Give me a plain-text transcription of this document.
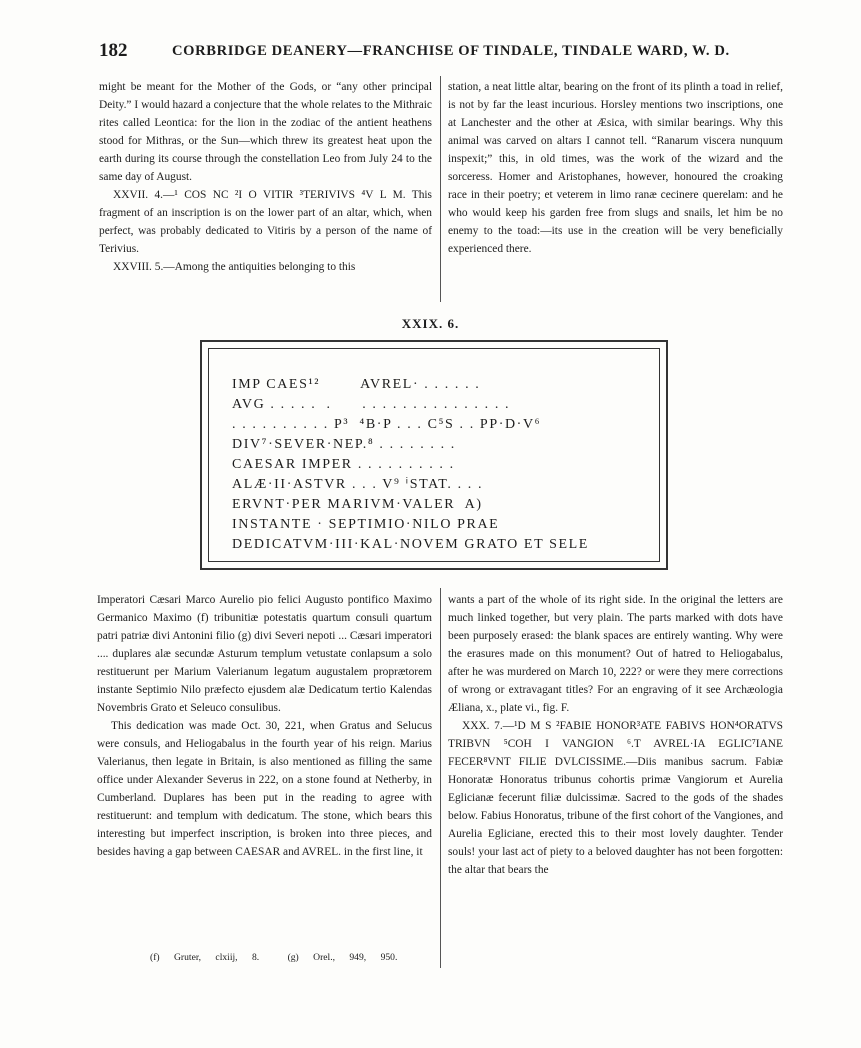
182	CORBRIDGE DEANERY—FRANCHISE OF TINDALE, TINDALE WARD, W. D.

might be meant for the Mother of the Gods, or “any other principal Deity.” I would hazard a conjecture that the whole relates to the Mithraic rites called Leontica: for the lion in the zodiac of the antient heathens stood for Mithras, or the Sun—which threw its greatest heat upon the earth during its course through the constellation Leo from July 24 to the same day of August.

XXVII. 4.—¹ COS NC ²I O VITIR ³TERIVIVS ⁴V L M. This fragment of an inscription is on the lower part of an altar, which, when perfect, was probably dedicated to Vitiris by a person of the name of Terivius.

XXVIII. 5.—Among the antiquities belonging to this

station, a neat little altar, bearing on the front of its plinth a toad in relief, is not by far the least incurious. Horsley mentions two inscriptions, one at Lanchester and the other at Æsica, with similar bearings. Why this animal was carved on altars I cannot tell. “Ranarum viscera nunquum inspexit;” this, in old times, was the work of the wizard and the sorceress. Homer and Aristophanes, however, honoured the croaking race in their poetry; et veterem in limo ranæ cecinere querelam: and he who would keep his garden free from slugs and snails, let him be no enemy to the toad:—its use in the creation will be very beneficially experienced there.

XXIX. 6.
IMP CAES¹²        AVREL· . . . . . .
AVG . . . . .  .      . . . . . . . . . . . . . . .
. . . . . . . . . . P³  ⁴B·P . . . C⁵S . . PP·D·V⁶
DIV⁷·SEVER·NEP.⁸ . . . . . . . .
CAESAR IMPER . . . . . . . . . .
ALÆ·II·ASTVR . . . V⁹ ⁱSTAT. . . .
ERVNT·PER MARIVM·VALER  A)
INSTANTE · SEPTIMIO·NILO PRAE
DEDICATVM·III·KAL·NOVEM GRATO ET SELE

Imperatori Cæsari Marco Aurelio pio felici Augusto pontifico Maximo Germanico Maximo (f) tribunitiæ potestatis quartum consuli quartum patri patriæ divi Antonini filio (g) divi Severi nepoti ... Cæsari imperatori .... duplares alæ secundæ Asturum templum vetustate conlapsum a solo restituerunt per Marium Valerianum legatum augustalem proprætorem instante Septimio Nilo præfecto ejusdem alæ Dedicatum tertio Kalendas Novembris Grato et Seleuco consulibus.

This dedication was made Oct. 30, 221, when Gratus and Selucus were consuls, and Heliogabalus in the fourth year of his reign. Marius Valerianus, then legate in Britain, is also mentioned as filling the same office under Alexander Severus in 222, on a stone found at Netherby, in Cumberland. Duplares has been put in the reading to agree with restituerunt: and templum with dedicatum. The stone, which bears this interesting but imperfect inscription, is broken into three pieces, and besides having a gap between CAESAR and AVREL. in the first line, it

wants a part of the whole of its right side. In the original the letters are much linked together, but very plain. The parts marked with dots have been purposely erased: the blank spaces are entirely wanting. Why were the erasures made on this monument? Out of hatred to Heliogabalus, after he was murdered on March 10, 222? or were they mere corrections of wrong or extravagant titles? For an engraving of it see Archæologia Æliana, x., plate vi., fig. F.

XXX. 7.—¹D M S ²FABIE HONOR³ATE FABIVS HON⁴ORATVS TRIBVN ⁵COH I VANGION ⁶.T AVREL·IA EGLIC⁷IANE FECER⁸VNT FILIE DVLCISSIME.—Diis manibus sacrum. Fabiæ Honoratæ Honoratus tribunus cohortis primæ Vangiorum et Aurelia Eglicianæ fecerunt filiæ dulcissimæ. Sacred to the gods of the shades below. Fabius Honoratus, tribune of the first cohort of the Vangiones, and Aurelia Egliciane, erected this to their most lovely daughter. Tender souls! your last act of piety to a beloved daughter has not been forgotten: the altar that bears the

(f) Gruter, clxiij, 8.	(g) Orel., 949, 950.
